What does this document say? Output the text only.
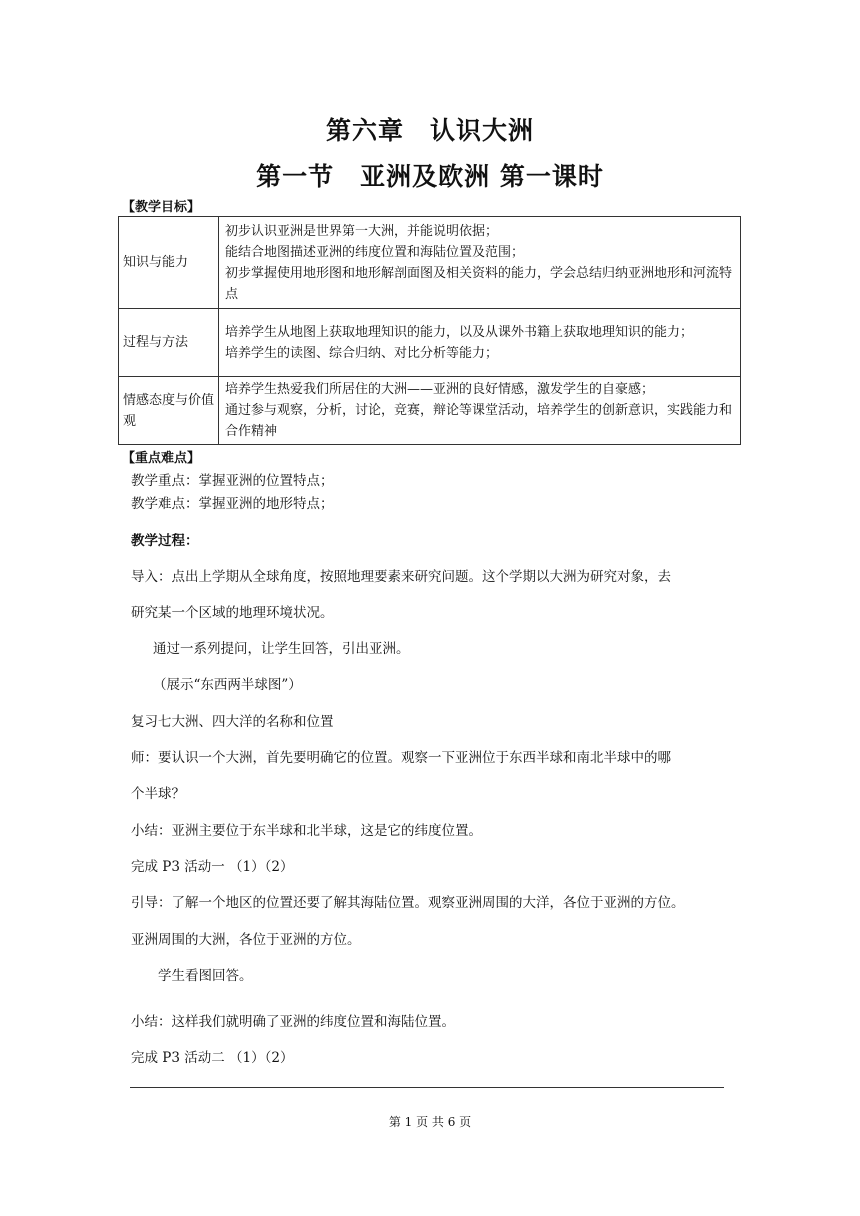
第六章　认识大洲
第一节　亚洲及欧洲 第一课时
【教学目标】
知识与能力	初步认识亚洲是世界第一大洲，并能说明依据；
能结合地图描述亚洲的纬度位置和海陆位置及范围；
初步掌握使用地形图和地形解剖面图及相关资料的能力，学会总结归纳亚洲地形和河流特点

过程与方法	培养学生从地图上获取地理知识的能力，以及从课外书籍上获取地理知识的能力；
培养学生的读图、综合归纳、对比分析等能力；

情感态度与价值观	培养学生热爱我们所居住的大洲——亚洲的良好情感，激发学生的自豪感；
通过参与观察，分析，讨论，竞赛，辩论等课堂活动，培养学生的创新意识，实践能力和合作精神
【重点难点】
教学重点：掌握亚洲的位置特点；
教学难点：掌握亚洲的地形特点；
教学过程：
导入：点出上学期从全球角度，按照地理要素来研究问题。这个学期以大洲为研究对象，去
研究某一个区域的地理环境状况。
通过一系列提问，让学生回答，引出亚洲。
（展示“东西两半球图”）
复习七大洲、四大洋的名称和位置
师：要认识一个大洲，首先要明确它的位置。观察一下亚洲位于东西半球和南北半球中的哪
个半球？
小结：亚洲主要位于东半球和北半球，这是它的纬度位置。
完成 P3 活动一 （1）（2）
引导：了解一个地区的位置还要了解其海陆位置。观察亚洲周围的大洋，各位于亚洲的方位。
亚洲周围的大洲，各位于亚洲的方位。
学生看图回答。
小结：这样我们就明确了亚洲的纬度位置和海陆位置。
完成 P3 活动二 （1）（2）
第 1 页 共 6 页
